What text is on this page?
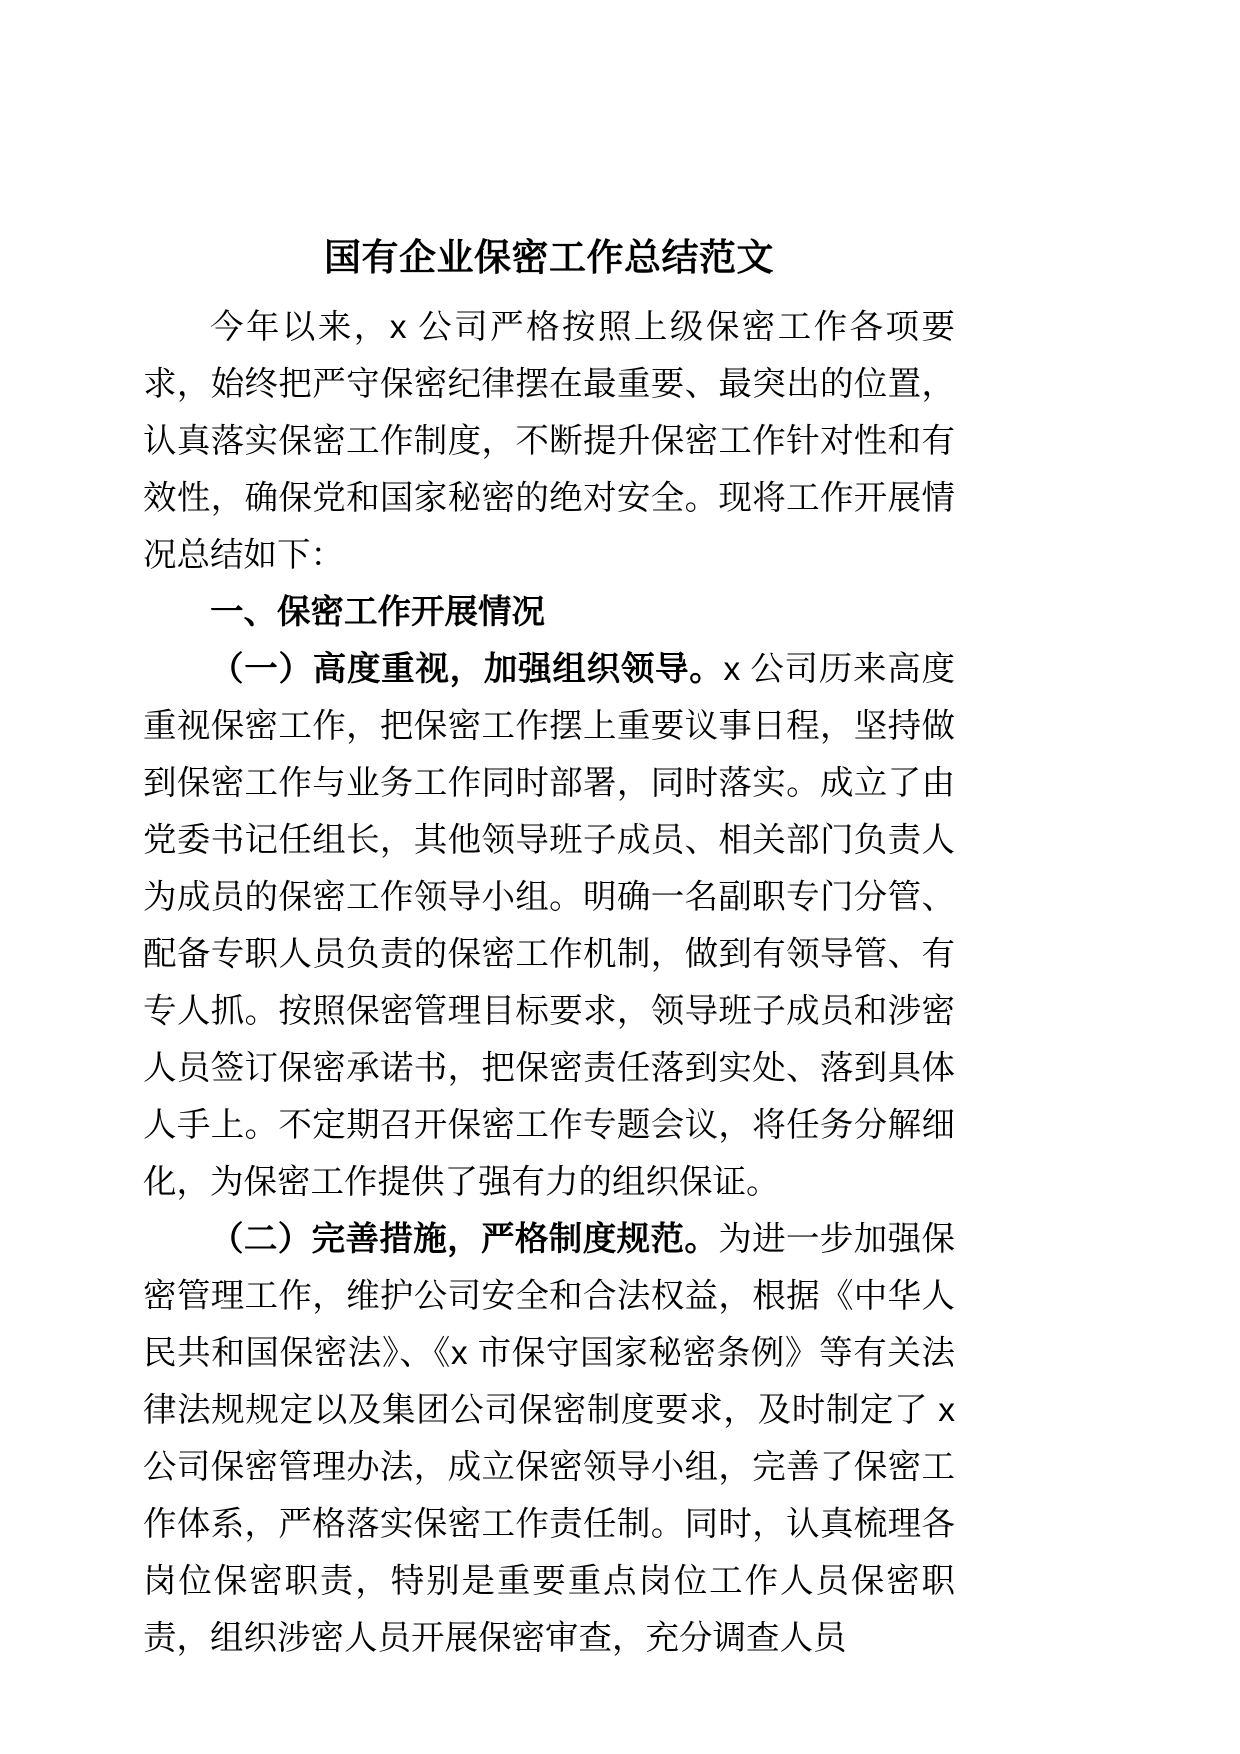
国有企业保密工作总结范文

今年以来，x 公司严格按照上级保密工作各项要求，始终把严守保密纪律摆在最重要、最突出的位置，认真落实保密工作制度，不断提升保密工作针对性和有效性，确保党和国家秘密的绝对安全。现将工作开展情况总结如下：

一、保密工作开展情况

（一）高度重视，加强组织领导。x 公司历来高度重视保密工作，把保密工作摆上重要议事日程，坚持做到保密工作与业务工作同时部署，同时落实。成立了由党委书记任组长，其他领导班子成员、相关部门负责人为成员的保密工作领导小组。明确一名副职专门分管、配备专职人员负责的保密工作机制，做到有领导管、有专人抓。按照保密管理目标要求，领导班子成员和涉密人员签订保密承诺书，把保密责任落到实处、落到具体人手上。不定期召开保密工作专题会议，将任务分解细化，为保密工作提供了强有力的组织保证。

（二）完善措施，严格制度规范。为进一步加强保密管理工作，维护公司安全和合法权益，根据《中华人民共和国保密法》、《x 市保守国家秘密条例》等有关法律法规规定以及集团公司保密制度要求，及时制定了 x 公司保密管理办法，成立保密领导小组，完善了保密工作体系，严格落实保密工作责任制。同时，认真梳理各岗位保密职责，特别是重要重点岗位工作人员保密职责，组织涉密人员开展保密审查，充分调查人员
